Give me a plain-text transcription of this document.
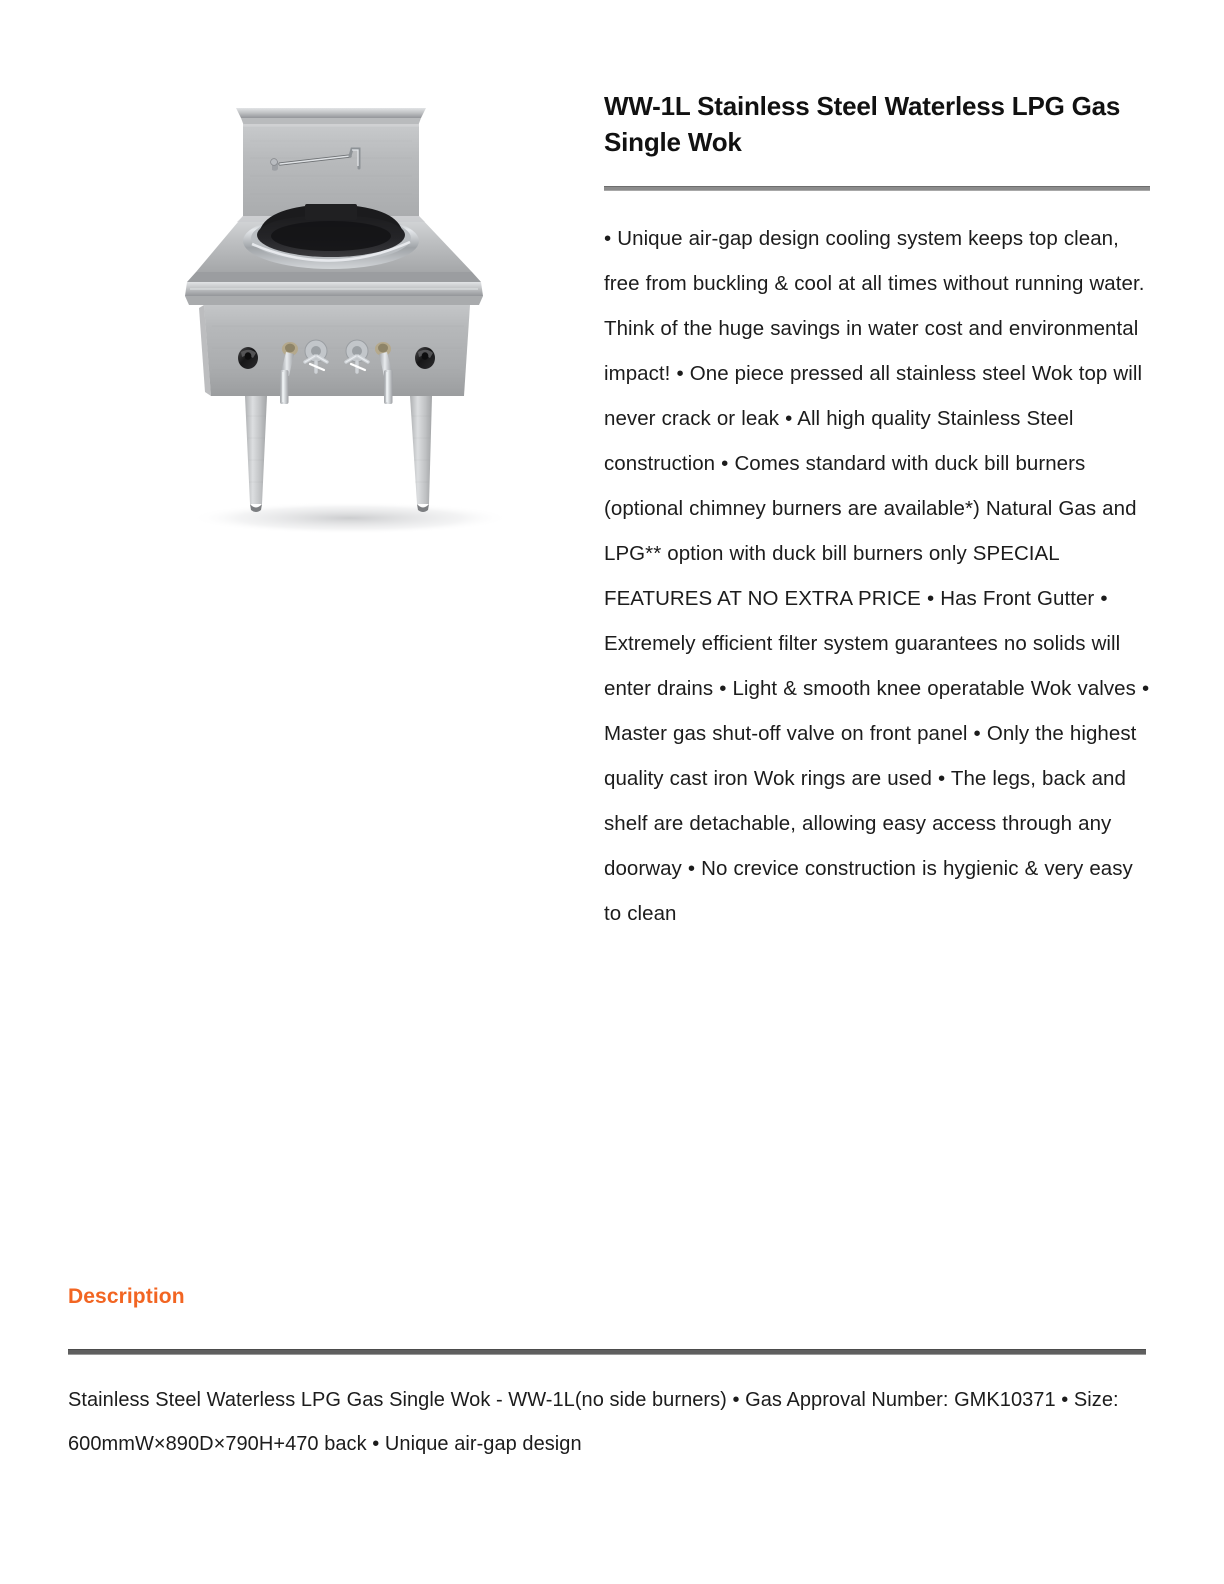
WW-1L Stainless Steel Waterless LPG Gas Single Wok

• Unique air-gap design cooling system keeps top clean, free from buckling & cool at all times without running water. Think of the huge savings in water cost and environmental impact! • One piece pressed all stainless steel Wok top will never crack or leak • All high quality Stainless Steel construction • Comes standard with duck bill burners (optional chimney burners are available*) Natural Gas and LPG** option with duck bill burners only SPECIAL FEATURES AT NO EXTRA PRICE • Has Front Gutter • Extremely efficient filter system guarantees no solids will enter drains • Light & smooth knee operatable Wok valves • Master gas shut-off valve on front panel • Only the highest quality cast iron Wok rings are used • The legs, back and shelf are detachable, allowing easy access through any doorway • No crevice construction is hygienic & very easy to clean

Description

Stainless Steel Waterless LPG Gas Single Wok - WW-1L(no side burners) • Gas Approval Number: GMK10371 • Size: 600mmW×890D×790H+470 back • Unique air-gap design
